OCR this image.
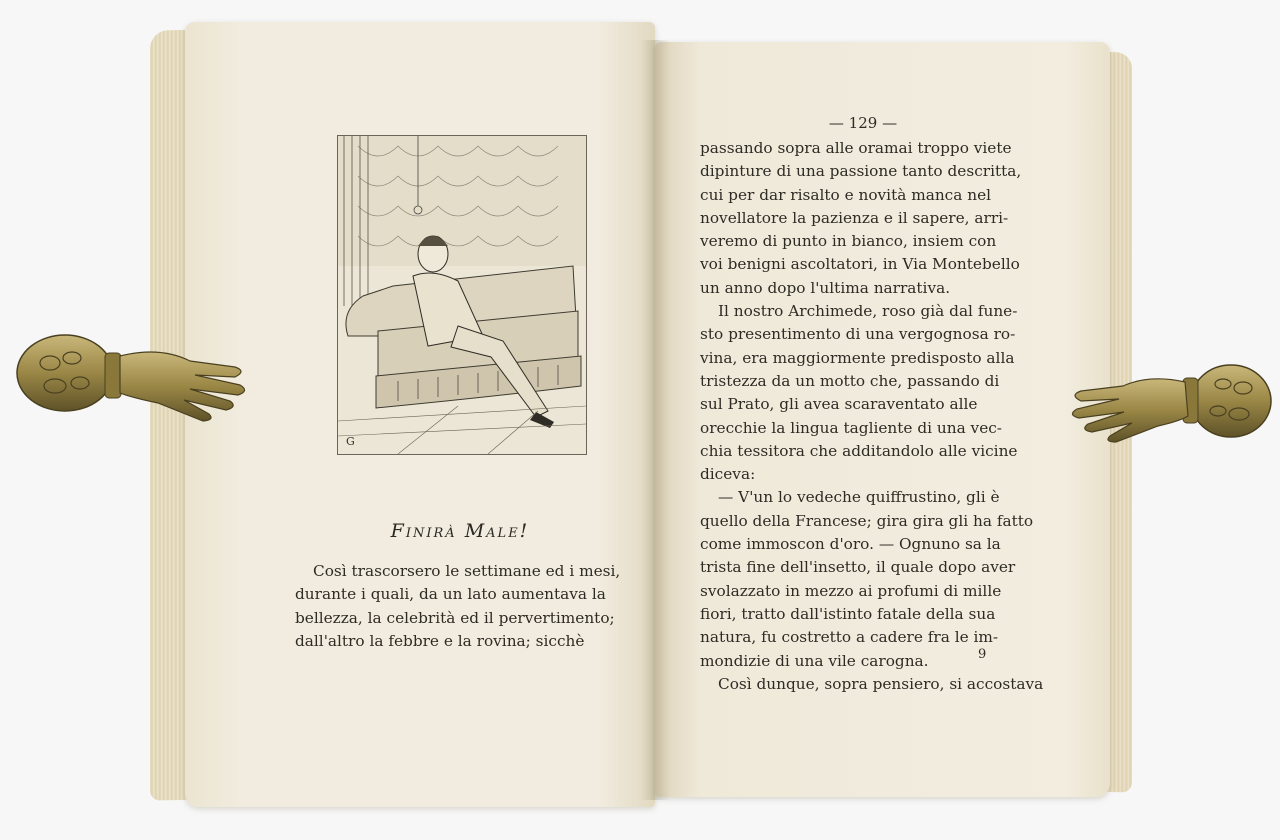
G
Finirà Male!

Così trascorsero le settimane ed i mesi,

durante i quali, da un lato aumentava la

bellezza, la celebrità ed il pervertimento;

dall'altro la febbre e la rovina; sicchè

— 129 —

passando sopra alle oramai troppo viete

dipinture di una passione tanto descritta,

cui per dar risalto e novità manca nel

novellatore la pazienza e il sapere, arri-

veremo di punto in bianco, insiem con

voi benigni ascoltatori, in Via Montebello

un anno dopo l'ultima narrativa.

Il nostro Archimede, roso già dal fune-

sto presentimento di una vergognosa ro-

vina, era maggiormente predisposto alla

tristezza da un motto che, passando di

sul Prato, gli avea scaraventato alle

orecchie la lingua tagliente di una vec-

chia tessitora che additandolo alle vicine

diceva:

— V'un lo vedeche quiffrustino, gli è

quello della Francese; gira gira gli ha fatto

come immoscon d'oro. — Ognuno sa la

trista fine dell'insetto, il quale dopo aver

svolazzato in mezzo ai profumi di mille

fiori, tratto dall'istinto fatale della sua

natura, fu costretto a cadere fra le im-

mondizie di una vile carogna.

Così dunque, sopra pensiero, si accostava

9
